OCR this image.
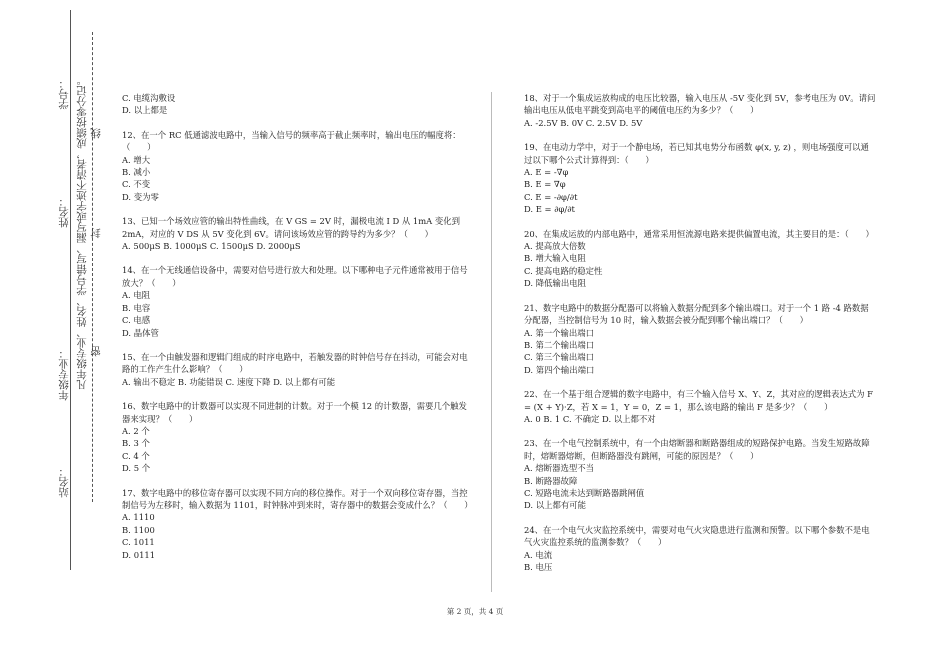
学号：
姓名：
年级专业：
站名：
凡年级专业、姓名、学号错写、漏写或字迹不清者，成绩按零分记。 线
封
密
C. 电缆沟敷设
D. 以上都是
12、在一个 RC 低通滤波电路中，当输入信号的频率高于截止频率时，输出电压的幅度将：（　　）
A. 增大
B. 减小
C. 不变
D. 变为零
13、已知一个场效应管的输出特性曲线，在 V GS = 2V 时，漏极电流 I D 从 1mA 变化到 2mA，对应的 V DS 从 5V 变化到 6V。请问该场效应管的跨导约为多少？（　　）
A. 500μS B. 1000μS C. 1500μS D. 2000μS
14、在一个无线通信设备中，需要对信号进行放大和处理。以下哪种电子元件通常被用于信号放大？（　　）
A. 电阻
B. 电容
C. 电感
D. 晶体管
15、在一个由触发器和逻辑门组成的时序电路中，若触发器的时钟信号存在抖动，可能会对电路的工作产生什么影响？（　　）
A. 输出不稳定 B. 功能错误 C. 速度下降 D. 以上都有可能
16、数字电路中的计数器可以实现不同进制的计数。对于一个模 12 的计数器，需要几个触发器来实现？（　　）
A. 2 个
B. 3 个
C. 4 个
D. 5 个
17、数字电路中的移位寄存器可以实现不同方向的移位操作。对于一个双向移位寄存器，当控制信号为左移时，输入数据为 1101，时钟脉冲到来时，寄存器中的数据会变成什么？（　　）
A. 1110
B. 1100
C. 1011
D. 0111
18、对于一个集成运放构成的电压比较器，输入电压从 -5V 变化到 5V，参考电压为 0V。请问输出电压从低电平跳变到高电平的阈值电压约为多少？（　　）
A. -2.5V B. 0V C. 2.5V D. 5V
19、在电动力学中，对于一个静电场，若已知其电势分布函数 φ(x, y, z) ，则电场强度可以通过以下哪个公式计算得到：（　　）
A. E = -∇φ
B. E = ∇φ
C. E = -∂φ/∂t
D. E = ∂φ/∂t
20、在集成运放的内部电路中，通常采用恒流源电路来提供偏置电流，其主要目的是：（　　）
A. 提高放大倍数
B. 增大输入电阻
C. 提高电路的稳定性
D. 降低输出电阻
21、数字电路中的数据分配器可以将输入数据分配到多个输出端口。对于一个 1 路 -4 路数据分配器，当控制信号为 10 时，输入数据会被分配到哪个输出端口？（　　）
A. 第一个输出端口
B. 第二个输出端口
C. 第三个输出端口
D. 第四个输出端口
22、在一个基于组合逻辑的数字电路中，有三个输入信号 X、Y、Z，其对应的逻辑表达式为 F = (X + Y)·Z，若 X = 1，Y = 0，Z = 1，那么该电路的输出 F 是多少？（　　）
A. 0 B. 1 C. 不确定 D. 以上都不对
23、在一个电气控制系统中，有一个由熔断器和断路器组成的短路保护电路。当发生短路故障时，熔断器熔断，但断路器没有跳闸，可能的原因是？（　　）
A. 熔断器选型不当
B. 断路器故障
C. 短路电流未达到断路器跳闸值
D. 以上都有可能
24、在一个电气火灾监控系统中，需要对电气火灾隐患进行监测和预警。以下哪个参数不是电气火灾监控系统的监测参数？（　　）
A. 电流
B. 电压
第 2 页，共 4 页
